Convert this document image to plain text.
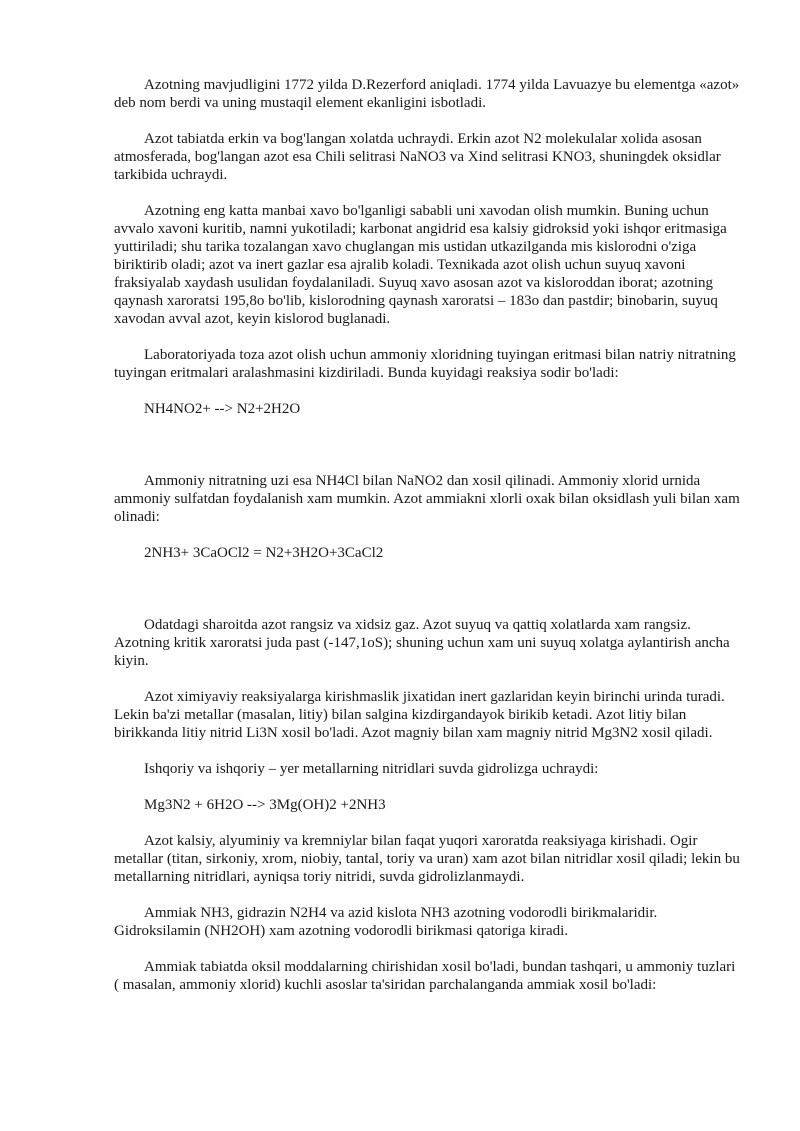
Azotning mavjudligini 1772 yilda D.Rezerford aniqladi. 1774 yilda Lavuazye bu elementga «azot» deb nom berdi va uning mustaqil element ekanligini isbotladi.

Azot tabiatda erkin va bog'langan xolatda uchraydi. Erkin azot N2 molekulalar xolida asosan atmosferada, bog'langan azot esa Chili selitrasi NaNO3 va Xind selitrasi KNO3, shuningdek oksidlar tarkibida uchraydi.

Azotning eng katta manbai xavo bo'lganligi sababli uni xavodan olish mumkin. Buning uchun avvalo xavoni kuritib, namni yukotiladi; karbonat angidrid esa kalsiy gidroksid yoki ishqor eritmasiga yuttiriladi; shu tarika tozalangan xavo chuglangan mis ustidan utkazilganda mis kislorodni o'ziga biriktirib oladi; azot va inert gazlar esa ajralib koladi. Texnikada azot olish uchun suyuq xavoni fraksiyalab xaydash usulidan foydalaniladi. Suyuq xavo asosan azot va kisloroddan iborat; azotning qaynash xaroratsi 195,8o bo'lib, kislorodning qaynash xaroratsi – 183o dan pastdir; binobarin, suyuq xavodan avval azot, keyin kislorod buglanadi.

Laboratoriyada toza azot olish uchun ammoniy xloridning tuyingan eritmasi bilan natriy nitratning tuyingan eritmalari aralashmasini kizdiriladi. Bunda kuyidagi reaksiya sodir bo'ladi:

NH4NO2+ --> N2+2H2O

Ammoniy nitratning uzi esa NH4Cl bilan NaNO2 dan xosil qilinadi. Ammoniy xlorid urnida ammoniy sulfatdan foydalanish xam mumkin. Azot ammiakni xlorli oxak bilan oksidlash yuli bilan xam olinadi:

2NH3+ 3CaOCl2 = N2+3H2O+3CaCl2

Odatdagi sharoitda azot rangsiz va xidsiz gaz. Azot suyuq va qattiq xolatlarda xam rangsiz. Azotning kritik xaroratsi juda past (-147,1oS); shuning uchun xam uni suyuq xolatga aylantirish ancha kiyin.

Azot ximiyaviy reaksiyalarga kirishmaslik jixatidan inert gazlaridan keyin birinchi urinda turadi. Lekin ba'zi metallar (masalan, litiy) bilan salgina kizdirgandayok birikib ketadi. Azot litiy bilan birikkanda litiy nitrid Li3N xosil bo'ladi. Azot magniy bilan xam magniy nitrid Mg3N2 xosil qiladi.

Ishqoriy va ishqoriy – yer metallarning nitridlari suvda gidrolizga uchraydi:

Mg3N2 + 6H2O --> 3Mg(OH)2 +2NH3

Azot kalsiy, alyuminiy va kremniylar bilan faqat yuqori xaroratda reaksiyaga kirishadi. Ogir metallar (titan, sirkoniy, xrom, niobiy, tantal, toriy va uran) xam azot bilan nitridlar xosil qiladi; lekin bu metallarning nitridlari, ayniqsa toriy nitridi, suvda gidrolizlanmaydi.

Ammiak NH3, gidrazin N2H4 va azid kislota NH3 azotning vodorodli birikmalaridir. Gidroksilamin (NH2OH) xam azotning vodorodli birikmasi qatoriga kiradi.

Ammiak tabiatda oksil moddalarning chirishidan xosil bo'ladi, bundan tashqari, u ammoniy tuzlari ( masalan, ammoniy xlorid) kuchli asoslar ta'siridan parchalanganda ammiak xosil bo'ladi:
